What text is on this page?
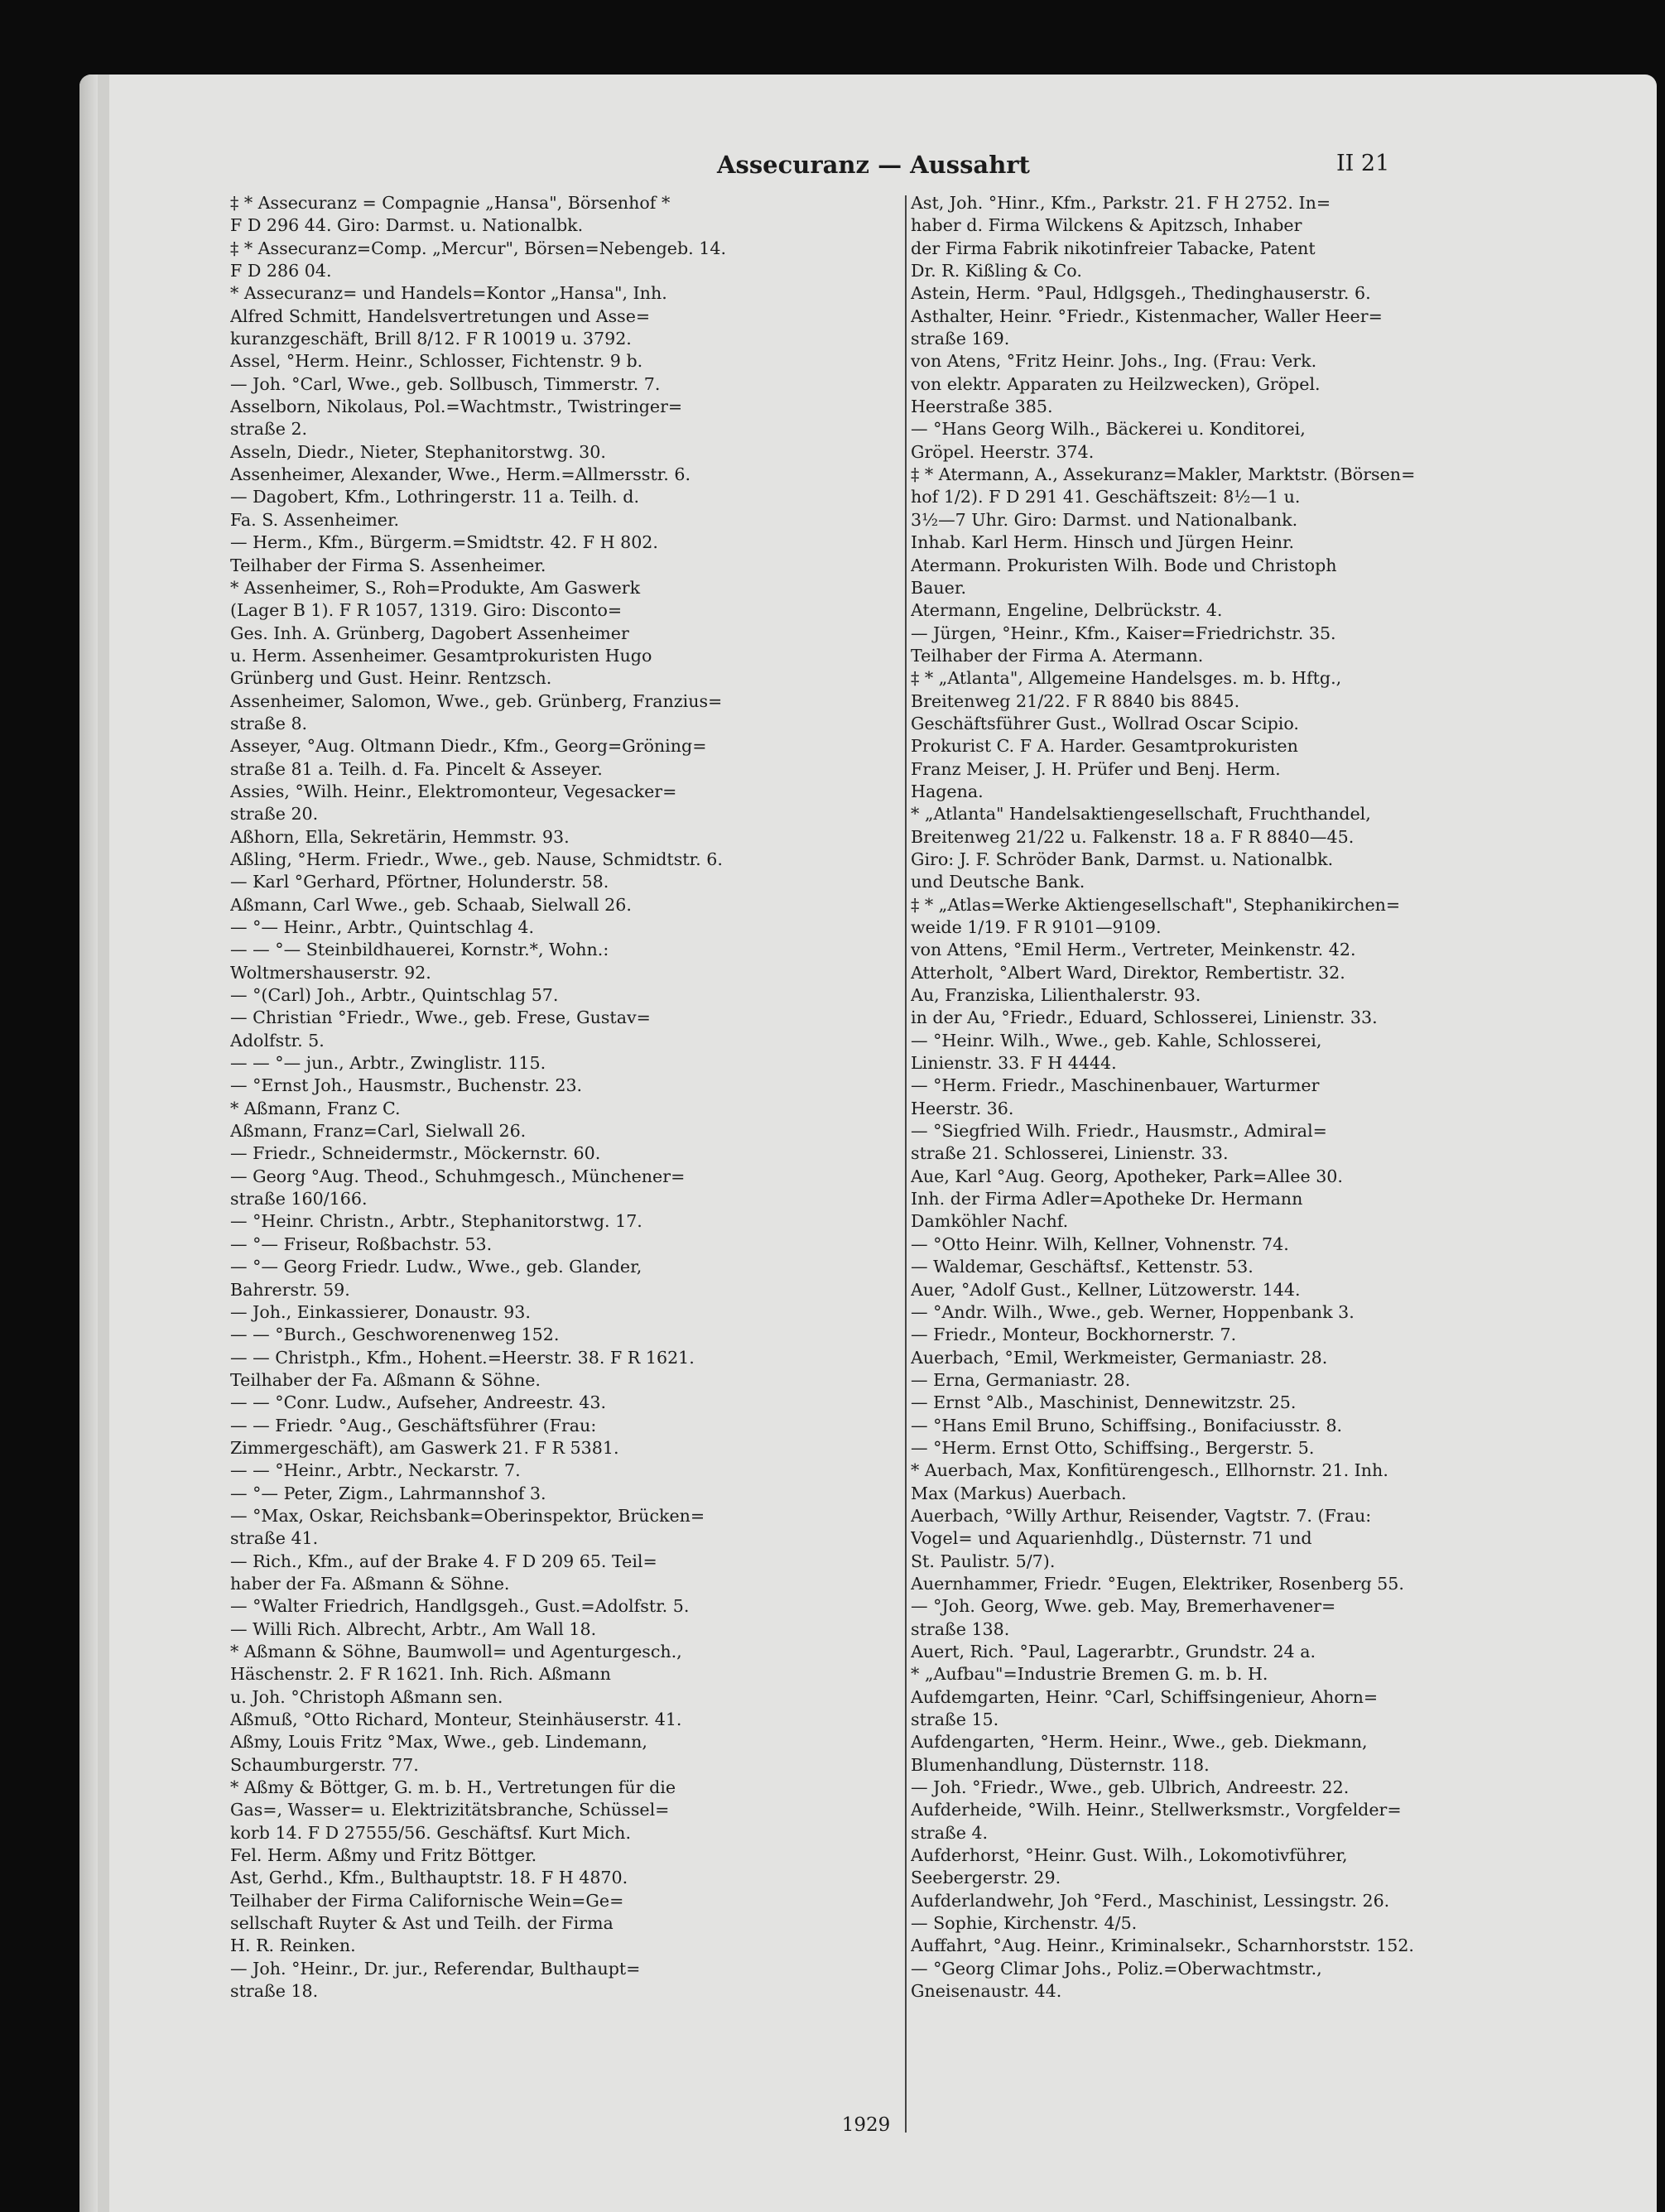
Assecuranz — Aussahrt	II 21
‡ * Assecuranz = Compagnie „Hansa", Börsenhof *
F D 296 44. Giro: Darmst. u. Nationalbk.
‡ * Assecuranz=Comp. „Mercur", Börsen=Nebengeb. 14.
F D 286 04.
* Assecuranz= und Handels=Kontor „Hansa", Inh.
Alfred Schmitt, Handelsvertretungen und Asse=
kuranzgeschäft, Brill 8/12. F R 10019 u. 3792.
Assel, °Herm. Heinr., Schlosser, Fichtenstr. 9 b.
— Joh. °Carl, Wwe., geb. Sollbusch, Timmerstr. 7.
Asselborn, Nikolaus, Pol.=Wachtmstr., Twistringer=
straße 2.
Asseln, Diedr., Nieter, Stephanitorstwg. 30.
Assenheimer, Alexander, Wwe., Herm.=Allmersstr. 6.
— Dagobert, Kfm., Lothringerstr. 11 a. Teilh. d.
Fa. S. Assenheimer.
— Herm., Kfm., Bürgerm.=Smidtstr. 42. F H 802.
Teilhaber der Firma S. Assenheimer.
* Assenheimer, S., Roh=Produkte, Am Gaswerk
(Lager B 1). F R 1057, 1319. Giro: Disconto=
Ges. Inh. A. Grünberg, Dagobert Assenheimer
u. Herm. Assenheimer. Gesamtprokuristen Hugo
Grünberg und Gust. Heinr. Rentzsch.
Assenheimer, Salomon, Wwe., geb. Grünberg, Franzius=
straße 8.
Asseyer, °Aug. Oltmann Diedr., Kfm., Georg=Gröning=
straße 81 a. Teilh. d. Fa. Pincelt & Asseyer.
Assies, °Wilh. Heinr., Elektromonteur, Vegesacker=
straße 20.
Aßhorn, Ella, Sekretärin, Hemmstr. 93.
Aßling, °Herm. Friedr., Wwe., geb. Nause, Schmidtstr. 6.
— Karl °Gerhard, Pförtner, Holunderstr. 58.
Aßmann, Carl Wwe., geb. Schaab, Sielwall 26.
— °— Heinr., Arbtr., Quintschlag 4.
— — °— Steinbildhauerei, Kornstr.*, Wohn.:
Woltmershauserstr. 92.
— °(Carl) Joh., Arbtr., Quintschlag 57.
— Christian °Friedr., Wwe., geb. Frese, Gustav=
Adolfstr. 5.
— — °— jun., Arbtr., Zwinglistr. 115.
— °Ernst Joh., Hausmstr., Buchenstr. 23.
* Aßmann, Franz C.
Aßmann, Franz=Carl, Sielwall 26.
— Friedr., Schneidermstr., Möckernstr. 60.
— Georg °Aug. Theod., Schuhmgesch., Münchener=
straße 160/166.
— °Heinr. Christn., Arbtr., Stephanitorstwg. 17.
— °— Friseur, Roßbachstr. 53.
— °— Georg Friedr. Ludw., Wwe., geb. Glander,
Bahrerstr. 59.
— Joh., Einkassierer, Donaustr. 93.
— — °Burch., Geschworenenweg 152.
— — Christph., Kfm., Hohent.=Heerstr. 38. F R 1621.
Teilhaber der Fa. Aßmann & Söhne.
— — °Conr. Ludw., Aufseher, Andreestr. 43.
— — Friedr. °Aug., Geschäftsführer (Frau:
Zimmergeschäft), am Gaswerk 21. F R 5381.
— — °Heinr., Arbtr., Neckarstr. 7.
— °— Peter, Zigm., Lahrmannshof 3.
— °Max, Oskar, Reichsbank=Oberinspektor, Brücken=
straße 41.
— Rich., Kfm., auf der Brake 4. F D 209 65. Teil=
haber der Fa. Aßmann & Söhne.
— °Walter Friedrich, Handlgsgeh., Gust.=Adolfstr. 5.
— Willi Rich. Albrecht, Arbtr., Am Wall 18.
* Aßmann & Söhne, Baumwoll= und Agenturgesch.,
Häschenstr. 2. F R 1621. Inh. Rich. Aßmann
u. Joh. °Christoph Aßmann sen.
Aßmuß, °Otto Richard, Monteur, Steinhäuserstr. 41.
Aßmy, Louis Fritz °Max, Wwe., geb. Lindemann,
Schaumburgerstr. 77.
* Aßmy & Böttger, G. m. b. H., Vertretungen für die
Gas=, Wasser= u. Elektrizitätsbranche, Schüssel=
korb 14. F D 27555/56. Geschäftsf. Kurt Mich.
Fel. Herm. Aßmy und Fritz Böttger.
Ast, Gerhd., Kfm., Bulthauptstr. 18. F H 4870.
Teilhaber der Firma Californische Wein=Ge=
sellschaft Ruyter & Ast und Teilh. der Firma
H. R. Reinken.
— Joh. °Heinr., Dr. jur., Referendar, Bulthaupt=
straße 18.
Ast, Joh. °Hinr., Kfm., Parkstr. 21. F H 2752. In=
haber d. Firma Wilckens & Apitzsch, Inhaber
der Firma Fabrik nikotinfreier Tabacke, Patent
Dr. R. Kißling & Co.
Astein, Herm. °Paul, Hdlgsgeh., Thedinghauserstr. 6.
Asthalter, Heinr. °Friedr., Kistenmacher, Waller Heer=
straße 169.
von Atens, °Fritz Heinr. Johs., Ing. (Frau: Verk.
von elektr. Apparaten zu Heilzwecken), Gröpel.
Heerstraße 385.
— °Hans Georg Wilh., Bäckerei u. Konditorei,
Gröpel. Heerstr. 374.
‡ * Atermann, A., Assekuranz=Makler, Marktstr. (Börsen=
hof 1/2). F D 291 41. Geschäftszeit: 8½—1 u.
3½—7 Uhr. Giro: Darmst. und Nationalbank.
Inhab. Karl Herm. Hinsch und Jürgen Heinr.
Atermann. Prokuristen Wilh. Bode und Christoph
Bauer.
Atermann, Engeline, Delbrückstr. 4.
— Jürgen, °Heinr., Kfm., Kaiser=Friedrichstr. 35.
Teilhaber der Firma A. Atermann.
‡ * „Atlanta", Allgemeine Handelsges. m. b. Hftg.,
Breitenweg 21/22. F R 8840 bis 8845.
Geschäftsführer Gust., Wollrad Oscar Scipio.
Prokurist C. F A. Harder. Gesamtprokuristen
Franz Meiser, J. H. Prüfer und Benj. Herm.
Hagena.
* „Atlanta" Handelsaktiengesellschaft, Fruchthandel,
Breitenweg 21/22 u. Falkenstr. 18 a. F R 8840—45.
Giro: J. F. Schröder Bank, Darmst. u. Nationalbk.
und Deutsche Bank.
‡ * „Atlas=Werke Aktiengesellschaft", Stephanikirchen=
weide 1/19. F R 9101—9109.
von Attens, °Emil Herm., Vertreter, Meinkenstr. 42.
Atterholt, °Albert Ward, Direktor, Rembertistr. 32.
Au, Franziska, Lilienthalerstr. 93.
in der Au, °Friedr., Eduard, Schlosserei, Linienstr. 33.
— °Heinr. Wilh., Wwe., geb. Kahle, Schlosserei,
Linienstr. 33. F H 4444.
— °Herm. Friedr., Maschinenbauer, Warturmer
Heerstr. 36.
— °Siegfried Wilh. Friedr., Hausmstr., Admiral=
straße 21. Schlosserei, Linienstr. 33.
Aue, Karl °Aug. Georg, Apotheker, Park=Allee 30.
Inh. der Firma Adler=Apotheke Dr. Hermann
Damköhler Nachf.
— °Otto Heinr. Wilh, Kellner, Vohnenstr. 74.
— Waldemar, Geschäftsf., Kettenstr. 53.
Auer, °Adolf Gust., Kellner, Lützowerstr. 144.
— °Andr. Wilh., Wwe., geb. Werner, Hoppenbank 3.
— Friedr., Monteur, Bockhornerstr. 7.
Auerbach, °Emil, Werkmeister, Germaniastr. 28.
— Erna, Germaniastr. 28.
— Ernst °Alb., Maschinist, Dennewitzstr. 25.
— °Hans Emil Bruno, Schiffsing., Bonifaciusstr. 8.
— °Herm. Ernst Otto, Schiffsing., Bergerstr. 5.
* Auerbach, Max, Konfitürengesch., Ellhornstr. 21. Inh.
Max (Markus) Auerbach.
Auerbach, °Willy Arthur, Reisender, Vagtstr. 7. (Frau:
Vogel= und Aquarienhdlg., Düsternstr. 71 und
St. Paulistr. 5/7).
Auernhammer, Friedr. °Eugen, Elektriker, Rosenberg 55.
— °Joh. Georg, Wwe. geb. May, Bremerhavener=
straße 138.
Auert, Rich. °Paul, Lagerarbtr., Grundstr. 24 a.
* „Aufbau"=Industrie Bremen G. m. b. H.
Aufdemgarten, Heinr. °Carl, Schiffsingenieur, Ahorn=
straße 15.
Aufdengarten, °Herm. Heinr., Wwe., geb. Diekmann,
Blumenhandlung, Düsternstr. 118.
— Joh. °Friedr., Wwe., geb. Ulbrich, Andreestr. 22.
Aufderheide, °Wilh. Heinr., Stellwerksmstr., Vorgfelder=
straße 4.
Aufderhorst, °Heinr. Gust. Wilh., Lokomotivführer,
Seebergerstr. 29.
Aufderlandwehr, Joh °Ferd., Maschinist, Lessingstr. 26.
— Sophie, Kirchenstr. 4/5.
Auffahrt, °Aug. Heinr., Kriminalsekr., Scharnhorststr. 152.
— °Georg Climar Johs., Poliz.=Oberwachtmstr.,
Gneisenaustr. 44.
1929
